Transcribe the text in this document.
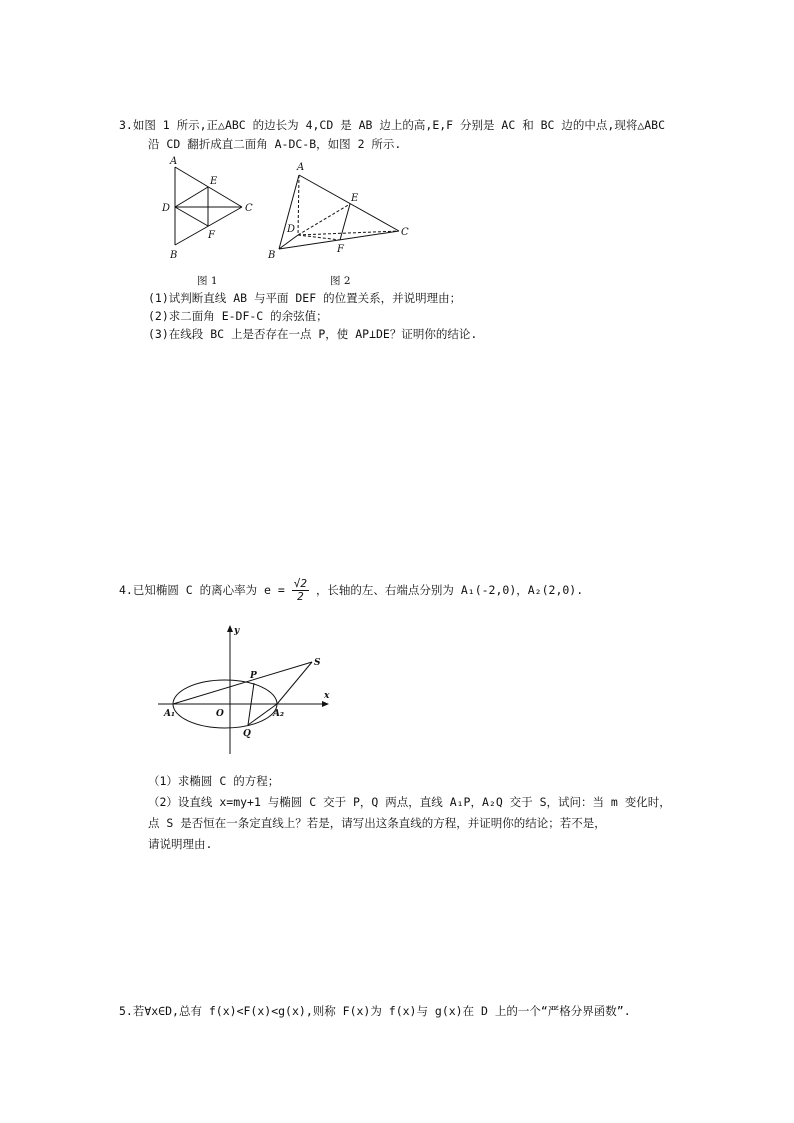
3.如图 1 所示,正△ABC 的边长为 4,CD 是 AB 边上的高,E,F 分别是 AC 和 BC 边的中点,现将△ABC
沿 CD 翻折成直二面角 A-DC-B，如图 2 所示.
A
E
D	C
F
B
图 1
A
E
D	C
F
B
图 2
(1)试判断直线 AB 与平面 DEF 的位置关系，并说明理由；
(2)求二面角 E-DF-C 的余弦值；
(3)在线段 BC 上是否存在一点 P，使 AP⊥DE？证明你的结论.
4.已知椭圆 C 的离心率为 $e = \frac{√2}{2}$ ，长轴的左、右端点分别为 A₁(-2,0)，A₂(2,0).
y
x
O
P
S
Q
A₁	A₂
（1）求椭圆 C 的方程；
（2）设直线 x=my+1 与椭圆 C 交于 P，Q 两点，直线 A₁P，A₂Q 交于 S，试问：当 m 变化时，
点 S 是否恒在一条定直线上？若是，请写出这条直线的方程，并证明你的结论；若不是，
请说明理由.
5.若∀x∈D,总有 f(x)<F(x)<g(x),则称 F(x)为 f(x)与 g(x)在 D 上的一个“严格分界函数”.
